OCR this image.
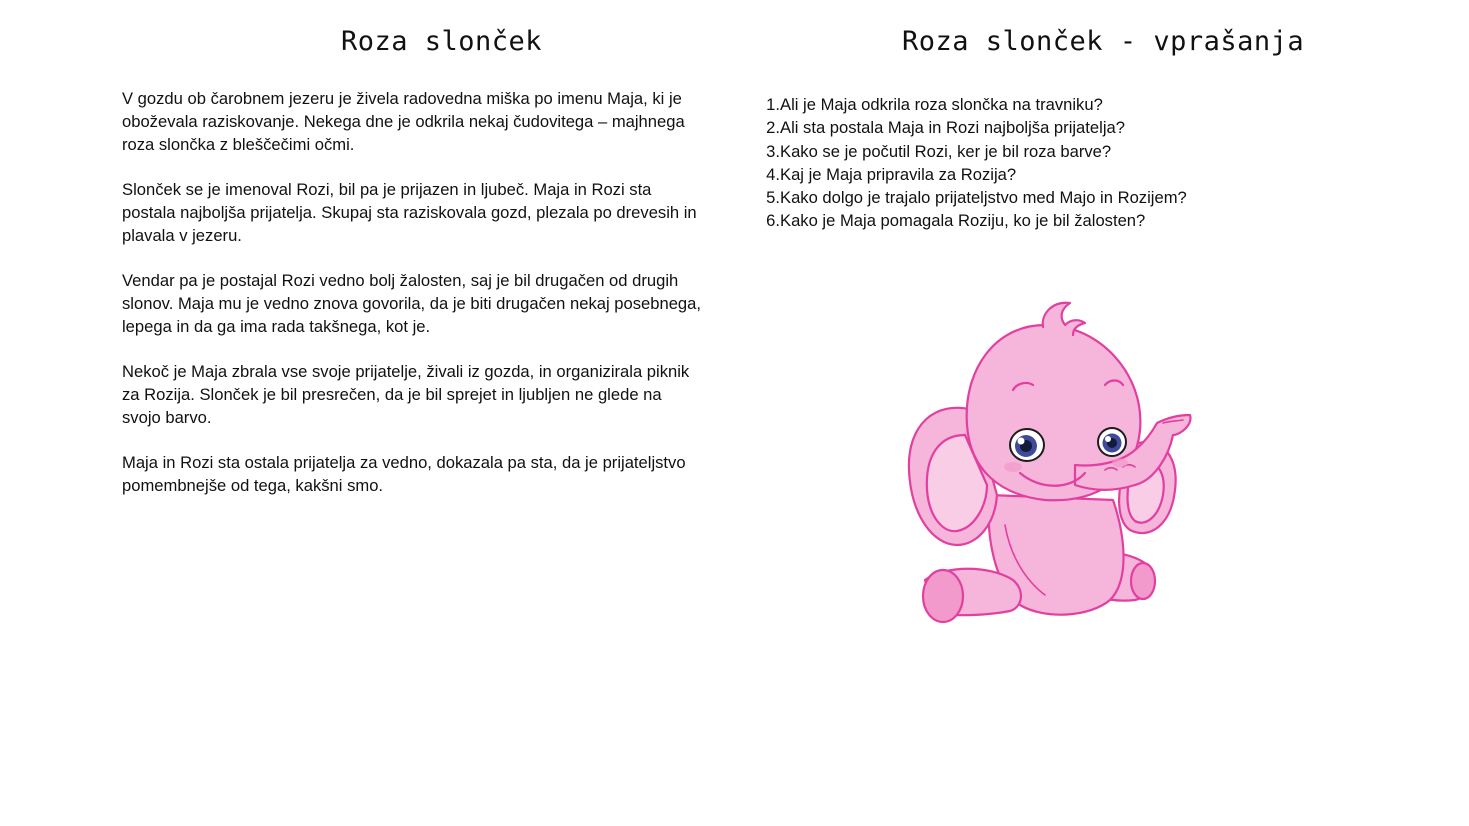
Roza slonček

V gozdu ob čarobnem jezeru je živela radovedna miška po imenu Maja, ki je oboževala raziskovanje. Nekega dne je odkrila nekaj čudovitega – majhnega roza slončka z bleščečimi očmi.

Slonček se je imenoval Rozi, bil pa je prijazen in ljubeč. Maja in Rozi sta postala najboljša prijatelja. Skupaj sta raziskovala gozd, plezala po drevesih in plavala v jezeru.

Vendar pa je postajal Rozi vedno bolj žalosten, saj je bil drugačen od drugih slonov. Maja mu je vedno znova govorila, da je biti drugačen nekaj posebnega, lepega in da ga ima rada takšnega, kot je.

Nekoč je Maja zbrala vse svoje prijatelje, živali iz gozda, in organizirala piknik za Rozija. Slonček je bil presrečen, da je bil sprejet in ljubljen ne glede na svojo barvo.

Maja in Rozi sta ostala prijatelja za vedno, dokazala pa sta, da je prijateljstvo pomembnejše od tega, kakšni smo.

Roza slonček - vprašanja
1. Ali je Maja odkrila roza slončka na travniku?
2. Ali sta postala Maja in Rozi najboljša prijatelja?
3. Kako se je počutil Rozi, ker je bil roza barve?
4. Kaj je Maja pripravila za Rozija?
5. Kako dolgo je trajalo prijateljstvo med Majo in Rozijem?
6. Kako je Maja pomagala Roziju, ko je bil žalosten?
